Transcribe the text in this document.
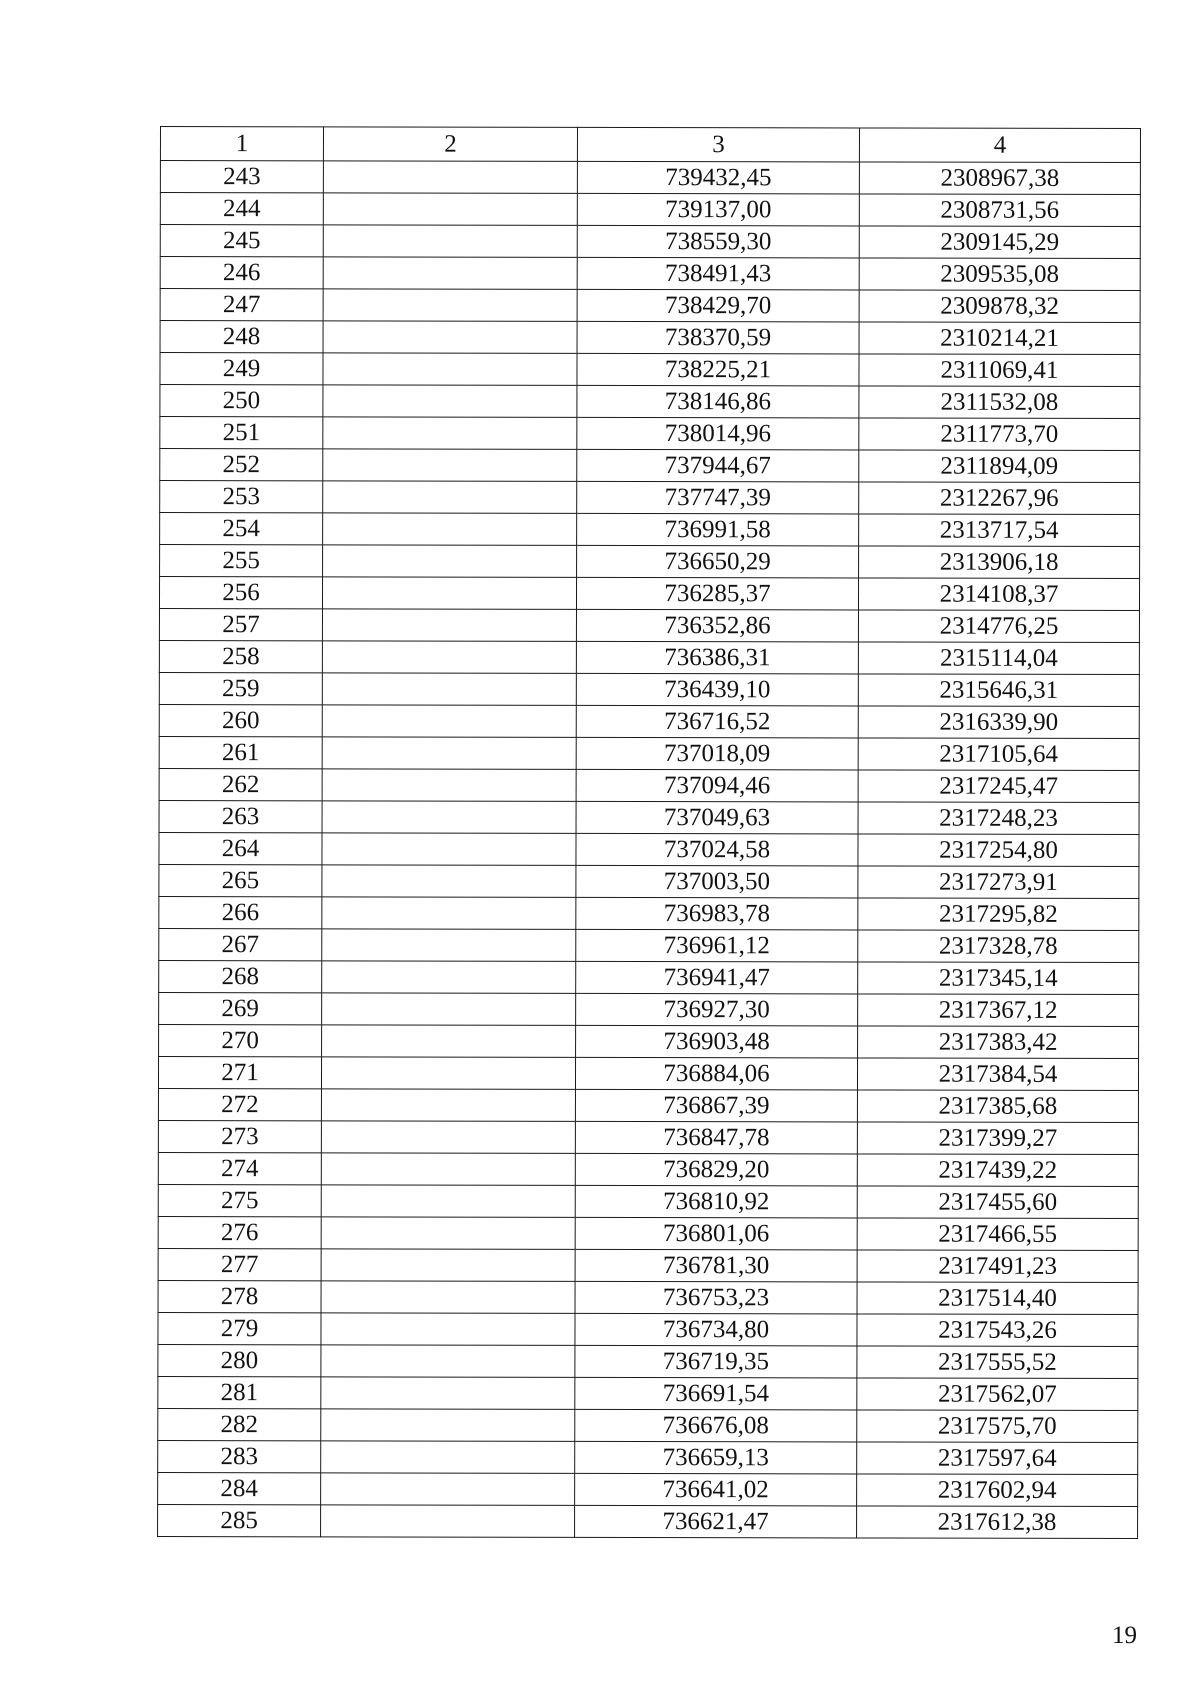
1	2	3	4
243		739432,45	2308967,38
244		739137,00	2308731,56
245		738559,30	2309145,29
246		738491,43	2309535,08
247		738429,70	2309878,32
248		738370,59	2310214,21
249		738225,21	2311069,41
250		738146,86	2311532,08
251		738014,96	2311773,70
252		737944,67	2311894,09
253		737747,39	2312267,96
254		736991,58	2313717,54
255		736650,29	2313906,18
256		736285,37	2314108,37
257		736352,86	2314776,25
258		736386,31	2315114,04
259		736439,10	2315646,31
260		736716,52	2316339,90
261		737018,09	2317105,64
262		737094,46	2317245,47
263		737049,63	2317248,23
264		737024,58	2317254,80
265		737003,50	2317273,91
266		736983,78	2317295,82
267		736961,12	2317328,78
268		736941,47	2317345,14
269		736927,30	2317367,12
270		736903,48	2317383,42
271		736884,06	2317384,54
272		736867,39	2317385,68
273		736847,78	2317399,27
274		736829,20	2317439,22
275		736810,92	2317455,60
276		736801,06	2317466,55
277		736781,30	2317491,23
278		736753,23	2317514,40
279		736734,80	2317543,26
280		736719,35	2317555,52
281		736691,54	2317562,07
282		736676,08	2317575,70
283		736659,13	2317597,64
284		736641,02	2317602,94
285		736621,47	2317612,38
19
